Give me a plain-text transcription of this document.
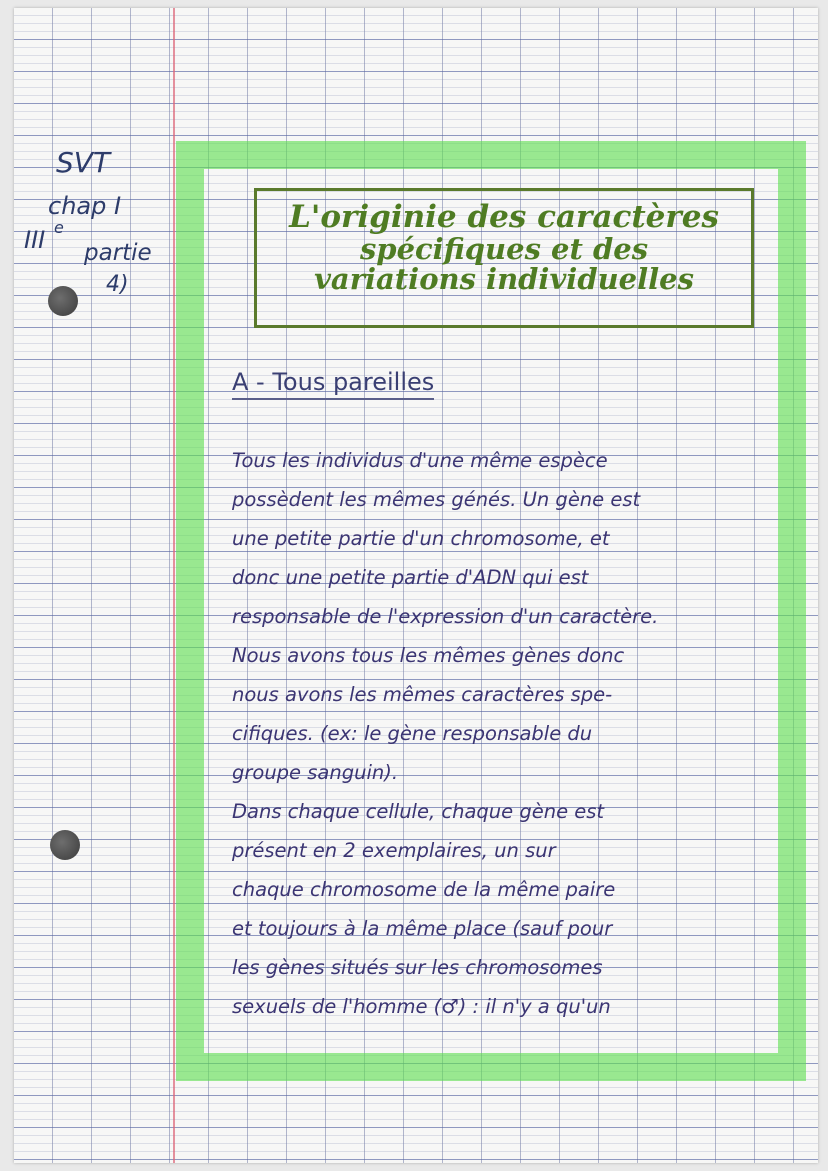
SVT
chap I
III e
partie
4)
L'originie des caractères
spécifiques et des
variations individuelles
A - Tous pareilles
Tous les individus d'une même espèce
possèdent les mêmes génés. Un gène est
une petite partie d'un chromosome, et
donc une petite partie d'ADN qui est
responsable de l'expression d'un caractère.
Nous avons tous les mêmes gènes donc
nous avons les mêmes caractères spe-
cifiques. (ex: le gène responsable du
groupe sanguin).
Dans chaque cellule, chaque gène est
présent en 2 exemplaires, un sur
chaque chromosome de la même paire
et toujours à la même place (sauf pour
les gènes situés sur les chromosomes
sexuels de l'homme (♂) : il n'y a qu'un
